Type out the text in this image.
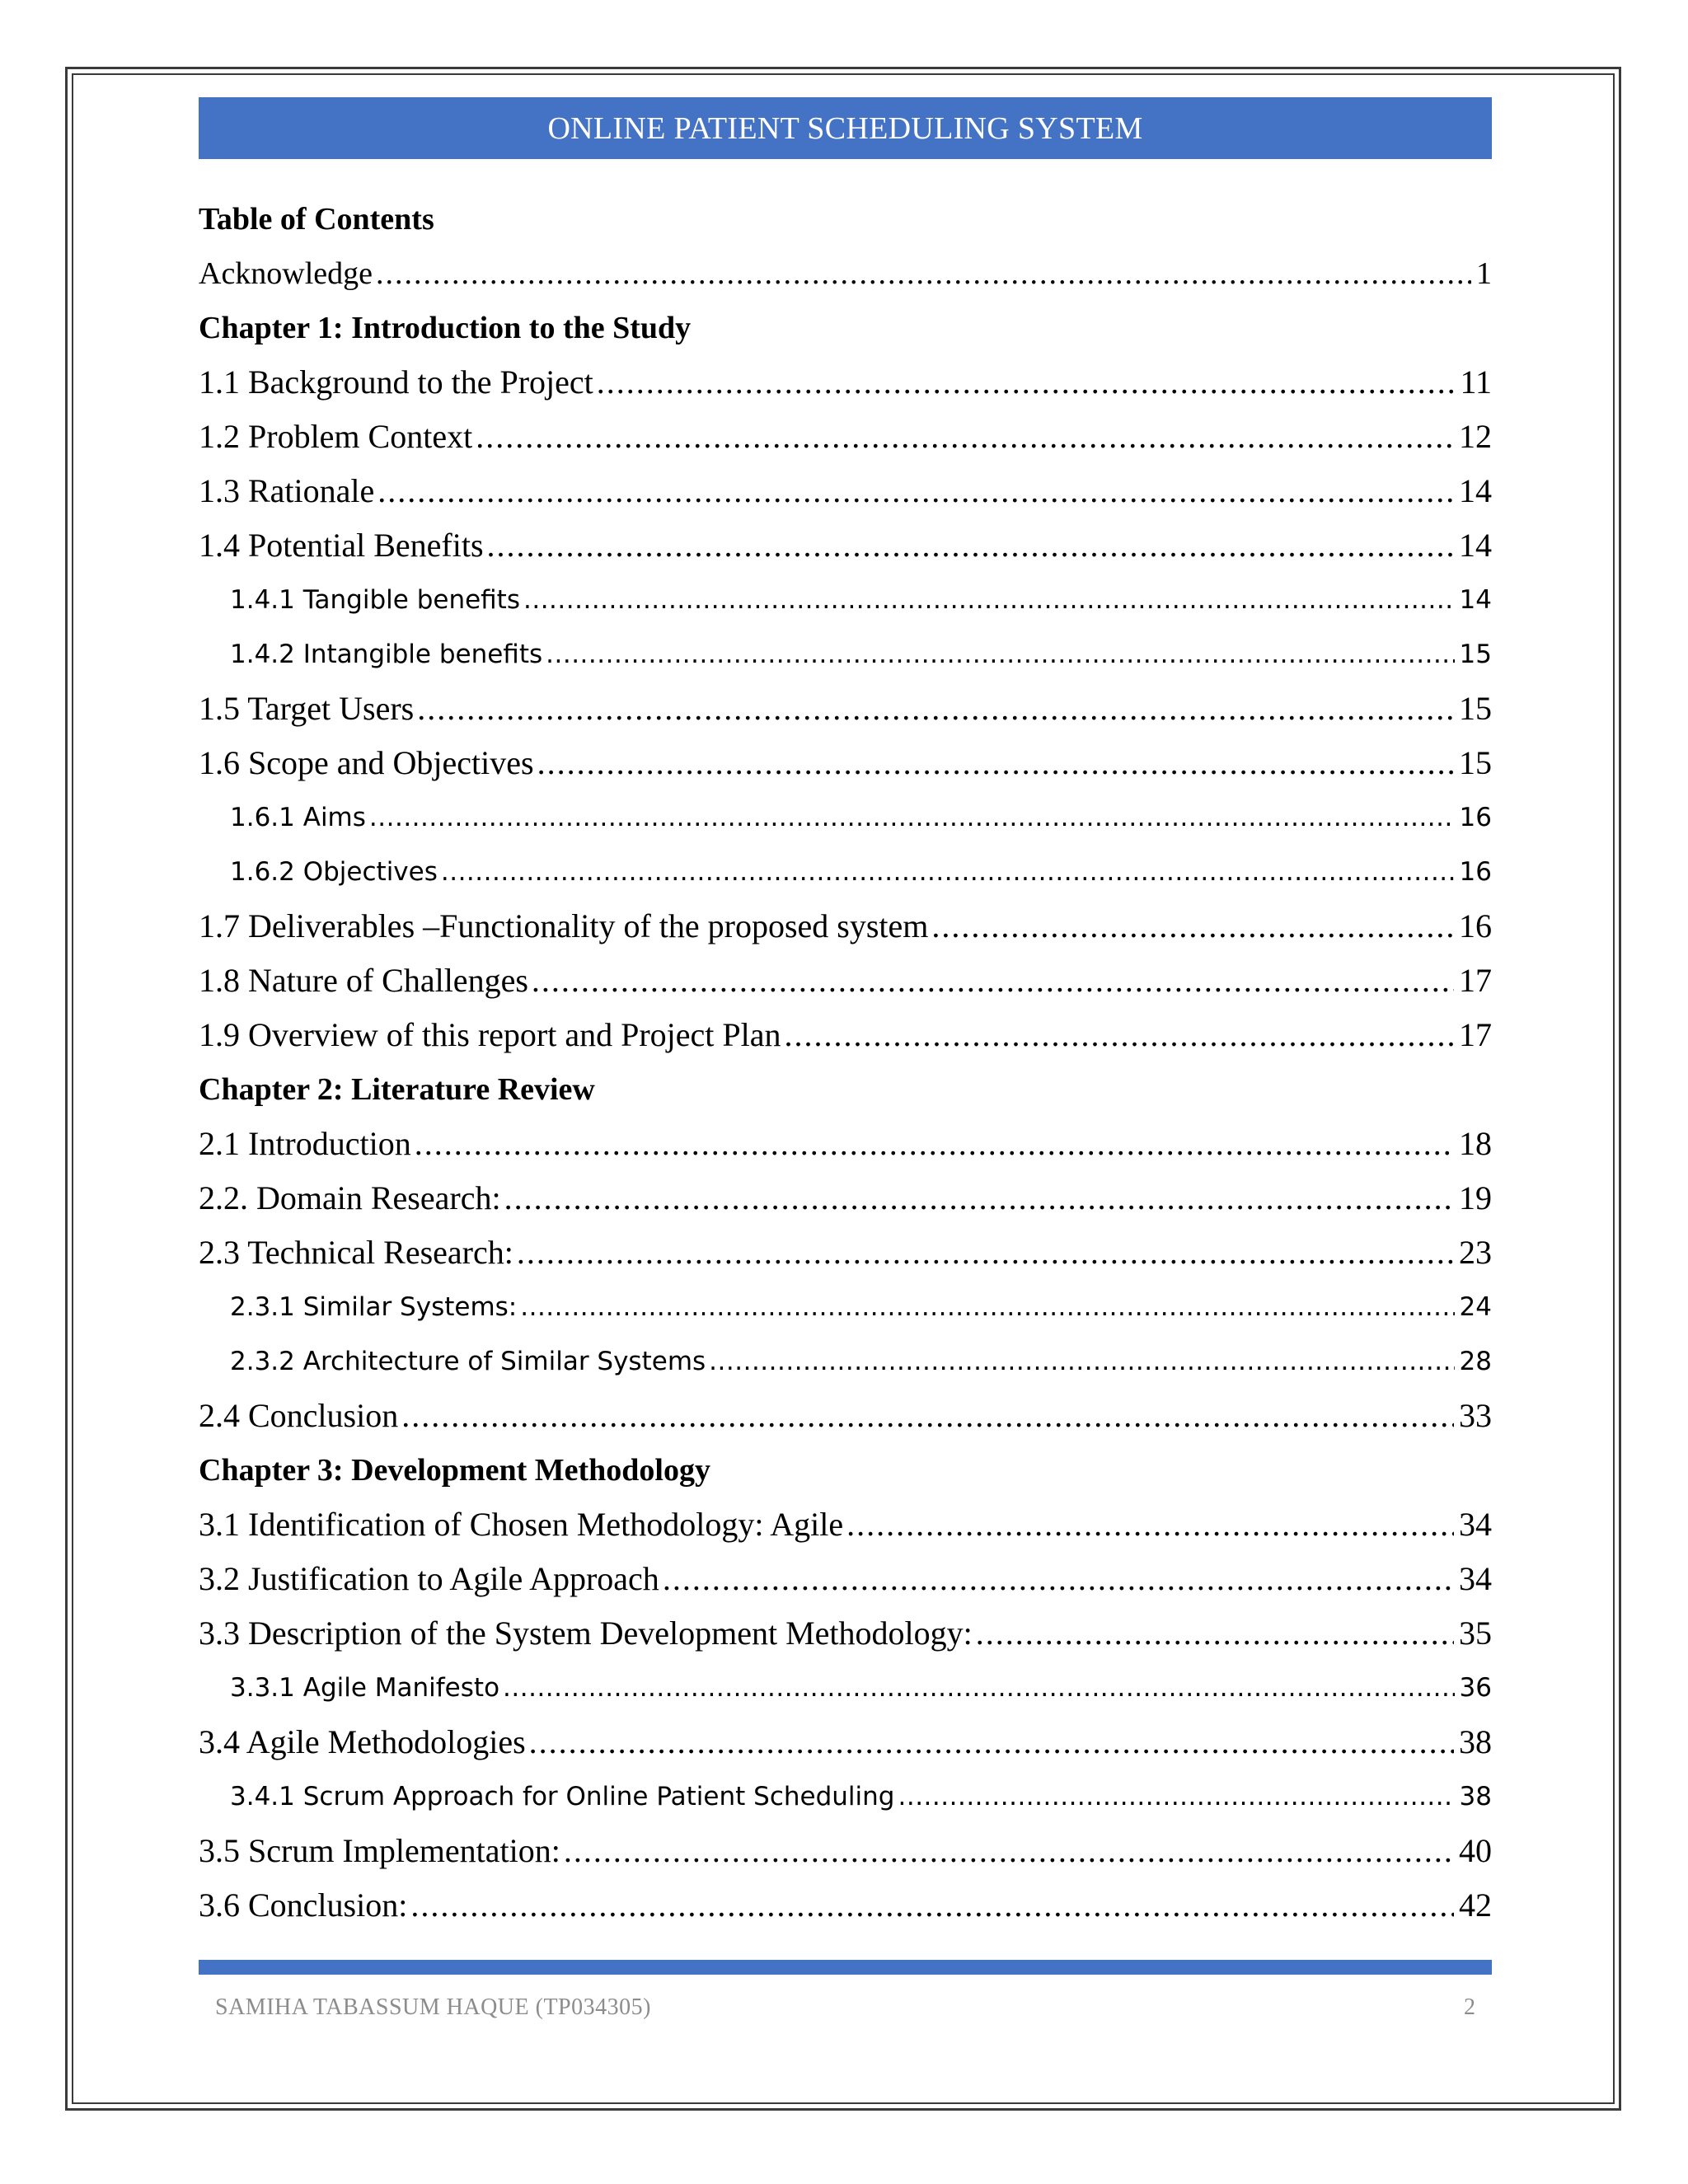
ONLINE PATIENT SCHEDULING SYSTEM
Table of Contents
Acknowledge .....	1
Chapter 1: Introduction to the Study
1.1 Background to the Project .....	11
1.2 Problem Context .....	12
1.3 Rationale .....	14
1.4 Potential Benefits .....	14
1.4.1 Tangible benefits .....	14
1.4.2 Intangible benefits .....	15
1.5 Target Users .....	15
1.6 Scope and Objectives .....	15
1.6.1 Aims .....	16
1.6.2 Objectives .....	16
1.7 Deliverables –Functionality of the proposed system .....	16
1.8 Nature of Challenges .....	17
1.9 Overview of this report and Project Plan .....	17
Chapter 2: Literature Review
2.1 Introduction .....	18
2.2. Domain Research: .....	19
2.3 Technical Research: .....	23
2.3.1 Similar Systems: .....	24
2.3.2 Architecture of Similar Systems .....	28
2.4 Conclusion .....	33
Chapter 3: Development Methodology
3.1 Identification of Chosen Methodology: Agile .....	34
3.2 Justification to Agile Approach .....	34
3.3 Description of the System Development Methodology: .....	35
3.3.1 Agile Manifesto .....	36
3.4 Agile Methodologies .....	38
3.4.1 Scrum Approach for Online Patient Scheduling .....	38
3.5 Scrum Implementation: .....	40
3.6 Conclusion: .....	42
SAMIHA TABASSUM HAQUE (TP034305)	2
